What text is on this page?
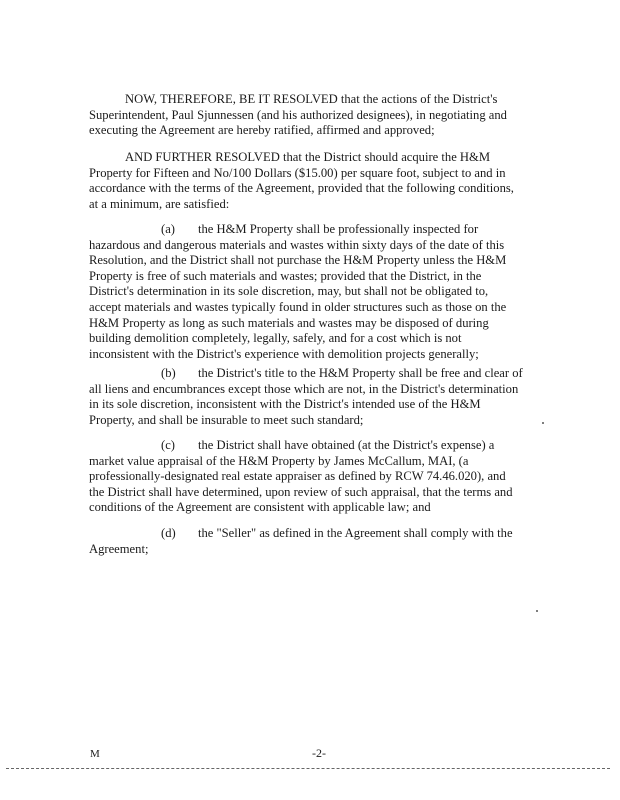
NOW, THEREFORE, BE IT RESOLVED that the actions of the District's
Superintendent, Paul Sjunnessen (and his authorized designees), in negotiating and
executing the Agreement are hereby ratified, affirmed and approved;

AND FURTHER RESOLVED that the District should acquire the H&M
Property for Fifteen and No/100 Dollars ($15.00) per square foot, subject to and in
accordance with the terms of the Agreement, provided that the following conditions,
at a minimum, are satisfied:

(a) the H&M Property shall be professionally inspected for
hazardous and dangerous materials and wastes within sixty days of the date of this
Resolution, and the District shall not purchase the H&M Property unless the H&M
Property is free of such materials and wastes; provided that the District, in the
District's determination in its sole discretion, may, but shall not be obligated to,
accept materials and wastes typically found in older structures such as those on the
H&M Property as long as such materials and wastes may be disposed of during
building demolition completely, legally, safely, and for a cost which is not
inconsistent with the District's experience with demolition projects generally;

(b) the District's title to the H&M Property shall be free and clear of
all liens and encumbrances except those which are not, in the District's determination
in its sole discretion, inconsistent with the District's intended use of the H&M
Property, and shall be insurable to meet such standard;

(c) the District shall have obtained (at the District's expense) a
market value appraisal of the H&M Property by James McCallum, MAI, (a
professionally-designated real estate appraiser as defined by RCW 74.46.020), and
the District shall have determined, upon review of such appraisal, that the terms and
conditions of the Agreement are consistent with applicable law; and

(d) the "Seller" as defined in the Agreement shall comply with the
Agreement;

M	-2-
